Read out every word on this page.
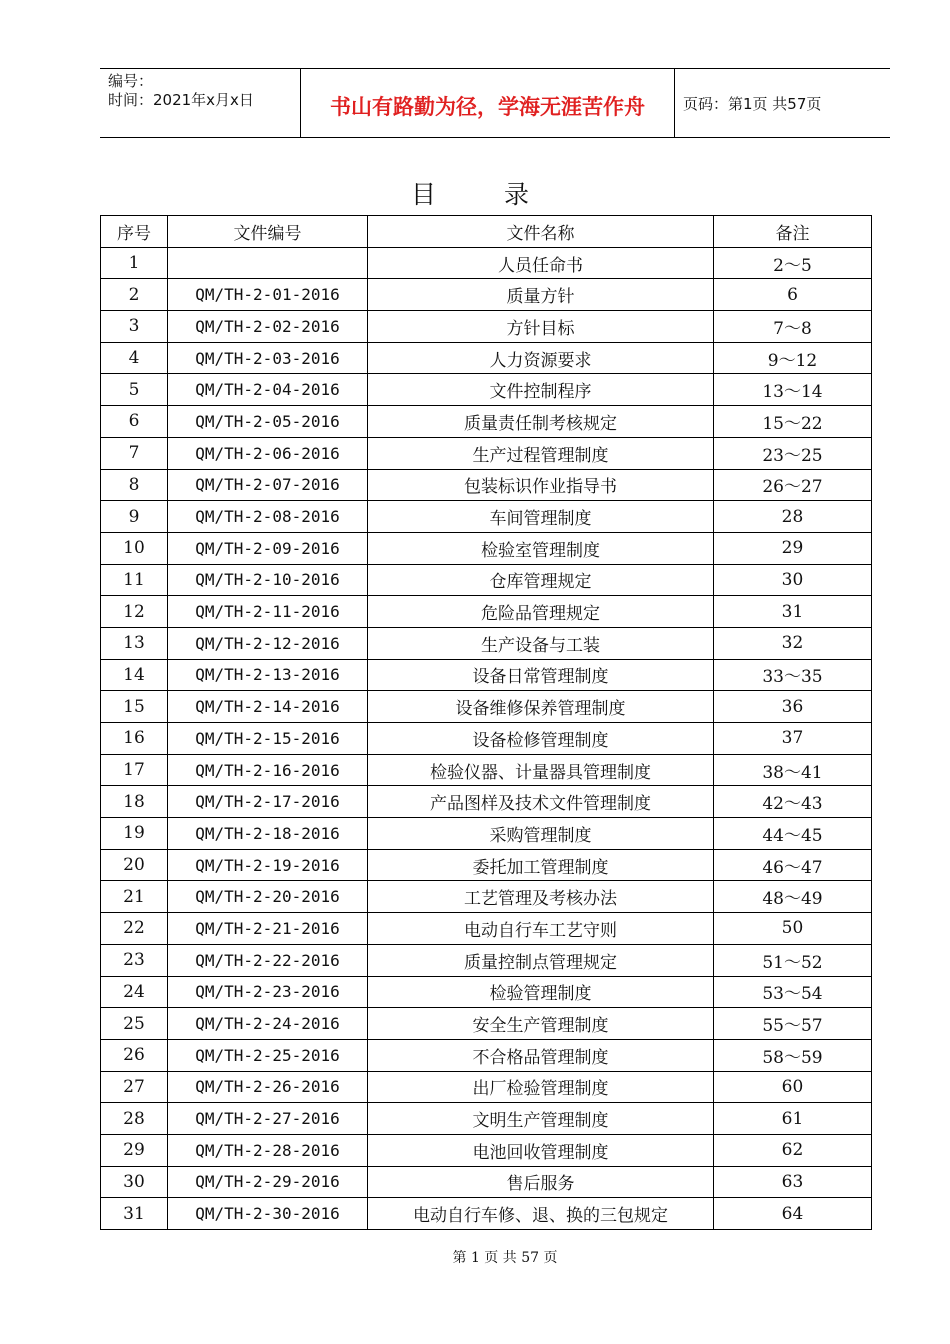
编号：
时间：2021年x月x日	书山有路勤为径，学海无涯苦作舟	页码：第1页 共57页
目 录
序号	文件编号	文件名称	备注
1		人员任命书	2～5
2	QM/TH-2-01-2016	质量方针	6
3	QM/TH-2-02-2016	方针目标	7～8
4	QM/TH-2-03-2016	人力资源要求	9～12
5	QM/TH-2-04-2016	文件控制程序	13～14
6	QM/TH-2-05-2016	质量责任制考核规定	15～22
7	QM/TH-2-06-2016	生产过程管理制度	23～25
8	QM/TH-2-07-2016	包装标识作业指导书	26～27
9	QM/TH-2-08-2016	车间管理制度	28
10	QM/TH-2-09-2016	检验室管理制度	29
11	QM/TH-2-10-2016	仓库管理规定	30
12	QM/TH-2-11-2016	危险品管理规定	31
13	QM/TH-2-12-2016	生产设备与工装	32
14	QM/TH-2-13-2016	设备日常管理制度	33～35
15	QM/TH-2-14-2016	设备维修保养管理制度	36
16	QM/TH-2-15-2016	设备检修管理制度	37
17	QM/TH-2-16-2016	检验仪器、计量器具管理制度	38～41
18	QM/TH-2-17-2016	产品图样及技术文件管理制度	42～43
19	QM/TH-2-18-2016	采购管理制度	44～45
20	QM/TH-2-19-2016	委托加工管理制度	46～47
21	QM/TH-2-20-2016	工艺管理及考核办法	48～49
22	QM/TH-2-21-2016	电动自行车工艺守则	50
23	QM/TH-2-22-2016	质量控制点管理规定	51～52
24	QM/TH-2-23-2016	检验管理制度	53～54
25	QM/TH-2-24-2016	安全生产管理制度	55～57
26	QM/TH-2-25-2016	不合格品管理制度	58～59
27	QM/TH-2-26-2016	出厂检验管理制度	60
28	QM/TH-2-27-2016	文明生产管理制度	61
29	QM/TH-2-28-2016	电池回收管理制度	62
30	QM/TH-2-29-2016	售后服务	63
31	QM/TH-2-30-2016	电动自行车修、退、换的三包规定	64
第 1 页 共 57 页
